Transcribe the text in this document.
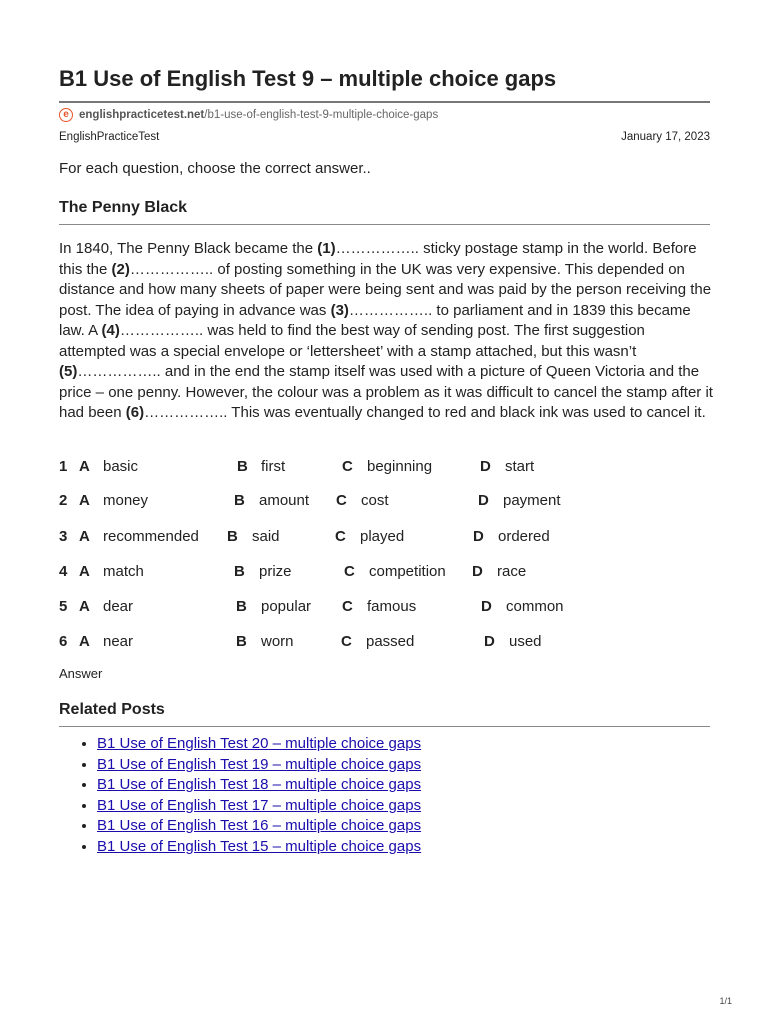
B1 Use of English Test 9 – multiple choice gaps
e englishpracticetest.net /b1-use-of-english-test-9-multiple-choice-gaps
EnglishPracticeTest	January 17, 2023
For each question, choose the correct answer..
The Penny Black
In 1840, The Penny Black became the (1)…………….. sticky postage stamp in the world. Before this the (2)…………….. of posting something in the UK was very expensive. This depended on distance and how many sheets of paper were being sent and was paid by the person receiving the post. The idea of paying in advance was (3)…………….. to parliament and in 1839 this became law. A (4)…………….. was held to find the best way of sending post. The first suggestion attempted was a special envelope or ‘lettersheet’ with a stamp attached, but this wasn’t (5)…………….. and in the end the stamp itself was used with a picture of Queen Victoria and the price – one penny. However, the colour was a problem as it was difficult to cancel the stamp after it had been (6)…………….. This was eventually changed to red and black ink was used to cancel it.
1 A basic	B first	C beginning	D start
2 A money	B amount C cost	D payment
3 A recommended B said	C played	D ordered
4 A match	B prize	C competition D race
5 A dear	B popular C famous	D common
6 A near	B worn	C passed	D used
Answer
Related Posts
• B1 Use of English Test 20 – multiple choice gaps
• B1 Use of English Test 19 – multiple choice gaps
• B1 Use of English Test 18 – multiple choice gaps
• B1 Use of English Test 17 – multiple choice gaps
• B1 Use of English Test 16 – multiple choice gaps
• B1 Use of English Test 15 – multiple choice gaps
1/1
